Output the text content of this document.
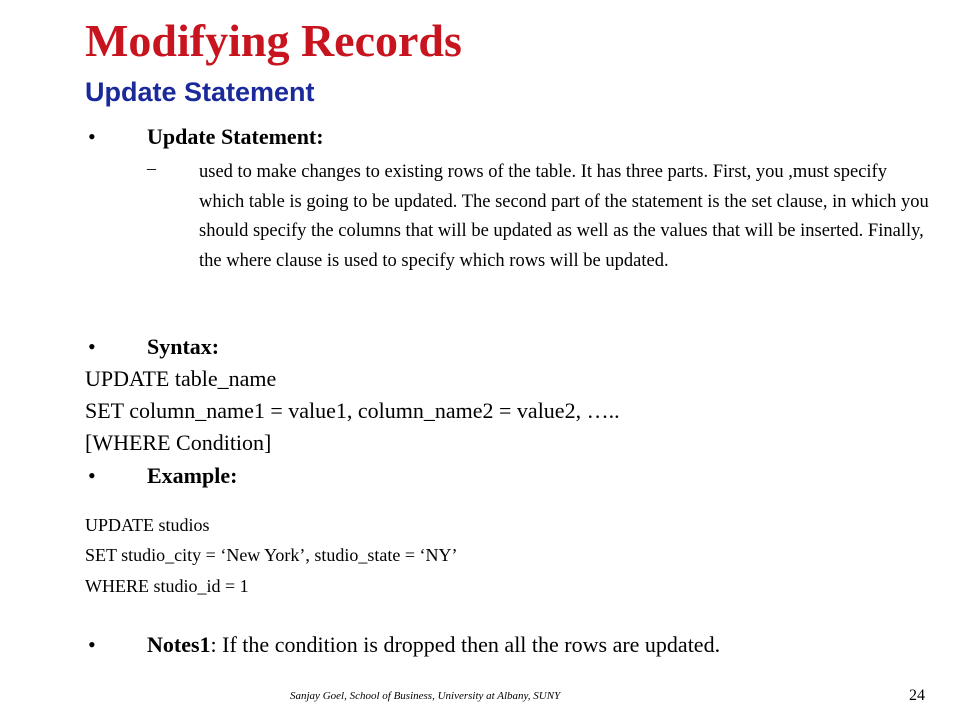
Modifying Records
Update Statement
• Update Statement:
– used to make changes to existing rows of the table. It has three parts. First, you ,must specify which table is going to be updated. The second part of the statement is the set clause, in which you should specify the columns that will be updated as well as the values that will be inserted. Finally, the where clause is used to specify which rows will be updated.
• Syntax:
UPDATE table_name
SET column_name1 = value1, column_name2 = value2, …..
[WHERE Condition]
• Example:
UPDATE studios
SET studio_city = ‘New York’, studio_state = ‘NY’
WHERE studio_id = 1
• Notes1: If the condition is dropped then all the rows are updated.
Sanjay Goel, School of Business, University at Albany, SUNY	24
